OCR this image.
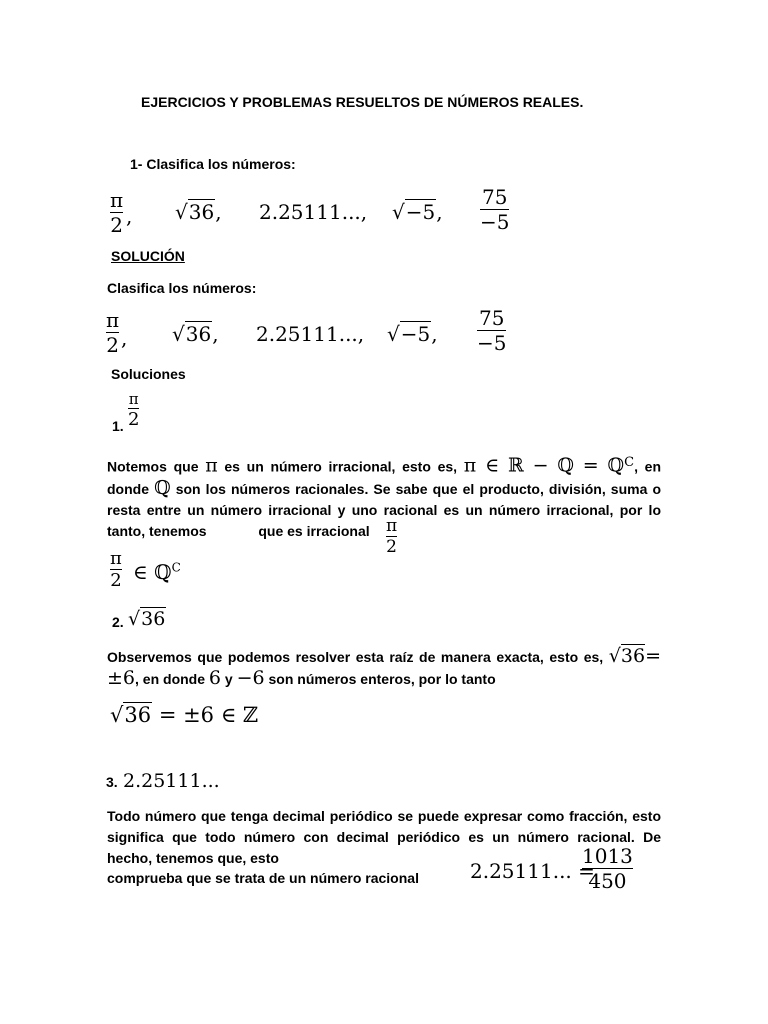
EJERCICIOS Y PROBLEMAS RESUELTOS DE NÚMEROS REALES.
1- Clasifica los números:
π
2 , √36, 2.25111..., √−5,
75
−5
SOLUCIÓN
Clasifica los números:
π
2 , √36, 2.25111..., √−5,
75
−5
Soluciones
1.
π
2
Notemos que π es un número irracional, esto es, π ∈ ℝ − ℚ = ℚ$^C$, en donde ℚ son los números racionales. Se sabe que el producto, división, suma o resta entre un número irracional y uno racional es un número irracional, por lo tanto, tenemos	que es irracional π
2
π
2 ∈ ℚ$^C$
2. √36
Observemos que podemos resolver esta raíz de manera exacta, esto es, √36= ±6, en donde 6 y −6 son números enteros, por lo tanto
√36 = ±6 ∈ ℤ
3. 2.25111...
Todo número que tenga decimal periódico se puede expresar como fracción, esto significa que todo número con decimal periódico es un número racional. De hecho, tenemos que, esto
comprueba que se trata de un número racional	2.25111... =
1013
450
